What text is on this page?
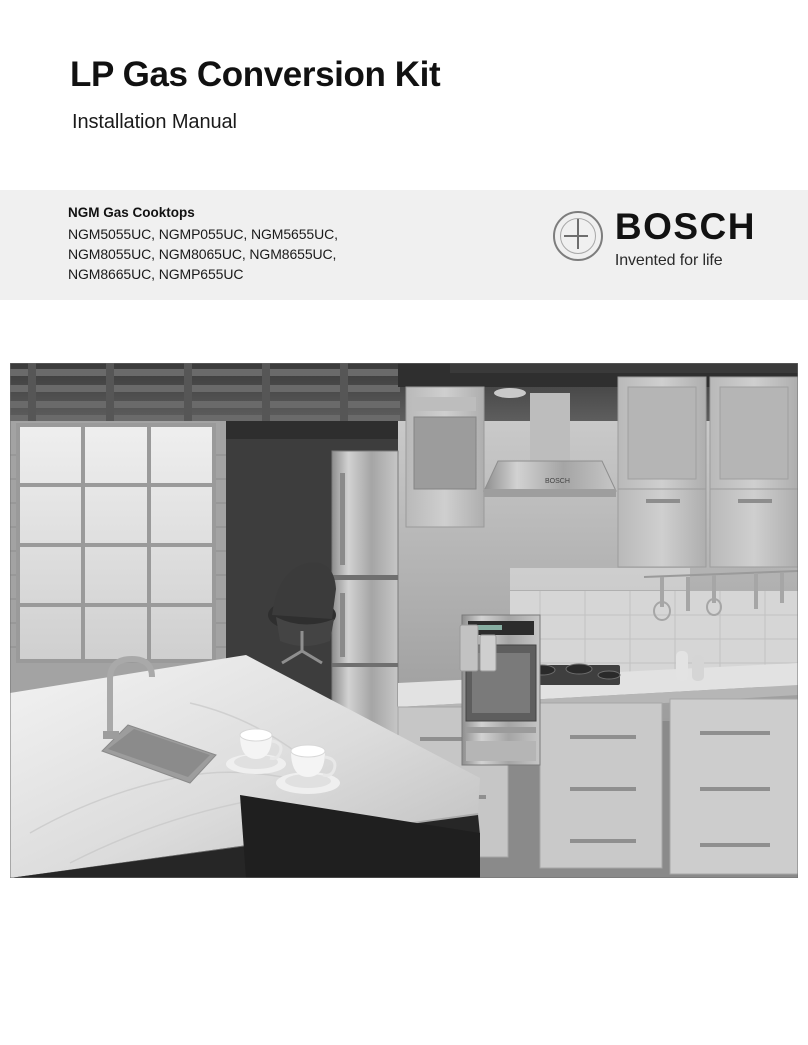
LP Gas Conversion Kit
Installation Manual
NGM Gas Cooktops
NGM5055UC, NGMP055UC, NGM5655UC,
NGM8055UC, NGM8065UC, NGM8655UC,
NGM8665UC, NGMP655UC
BOSCH
Invented for life
BOSCH
